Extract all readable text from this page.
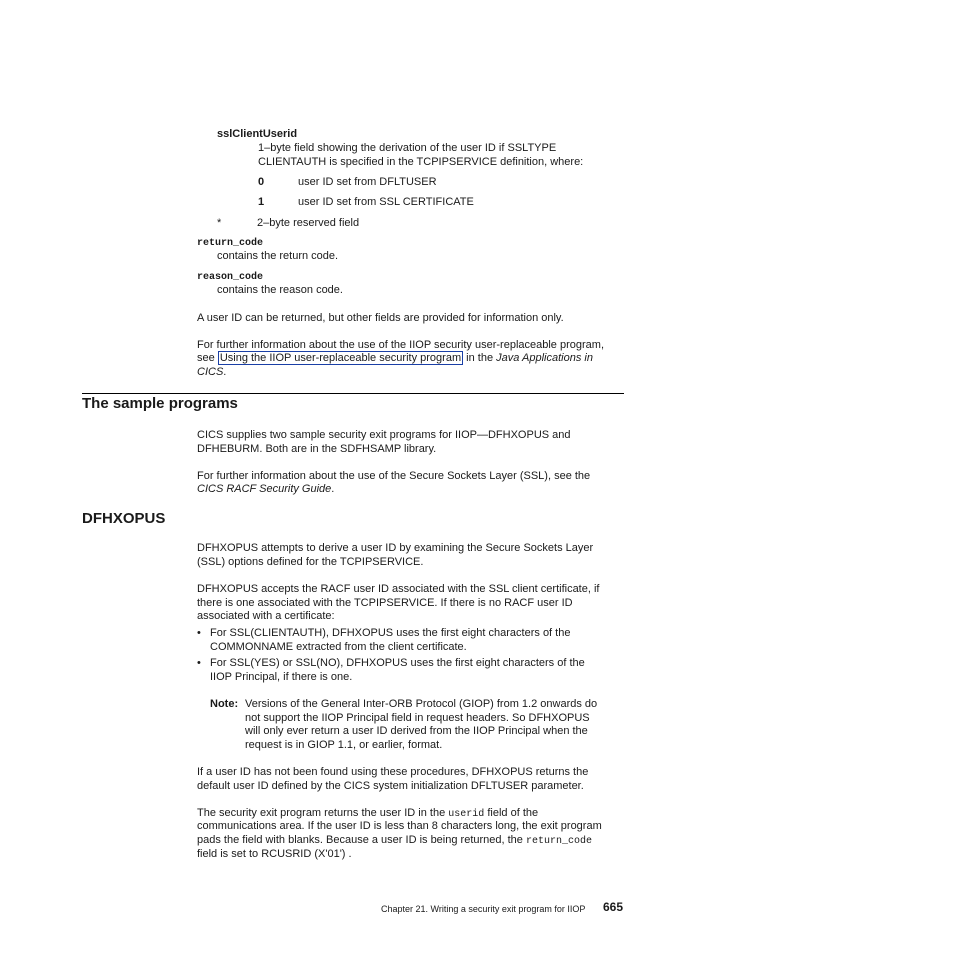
sslClientUserid
1–byte field showing the derivation of the user ID if SSLTYPE
CLIENTAUTH is specified in the TCPIPSERVICE definition, where:
0	user ID set from DFLTUSER
1	user ID set from SSL CERTIFICATE
*	2–byte reserved field
return_code
contains the return code.
reason_code
contains the reason code.
A user ID can be returned, but other fields are provided for information only.
For further information about the use of the IIOP security user-replaceable program,
see Using the IIOP user-replaceable security program in the Java Applications in
CICS.
The sample programs
CICS supplies two sample security exit programs for IIOP—DFHXOPUS and
DFHEBURM. Both are in the SDFHSAMP library.
For further information about the use of the Secure Sockets Layer (SSL), see the
CICS RACF Security Guide.
DFHXOPUS
DFHXOPUS attempts to derive a user ID by examining the Secure Sockets Layer
(SSL) options defined for the TCPIPSERVICE.
DFHXOPUS accepts the RACF user ID associated with the SSL client certificate, if
there is one associated with the TCPIPSERVICE. If there is no RACF user ID
associated with a certificate:
• For SSL(CLIENTAUTH), DFHXOPUS uses the first eight characters of the
COMMONNAME extracted from the client certificate.
• For SSL(YES) or SSL(NO), DFHXOPUS uses the first eight characters of the
IIOP Principal, if there is one.
Note: Versions of the General Inter-ORB Protocol (GIOP) from 1.2 onwards do
not support the IIOP Principal field in request headers. So DFHXOPUS
will only ever return a user ID derived from the IIOP Principal when the
request is in GIOP 1.1, or earlier, format.
If a user ID has not been found using these procedures, DFHXOPUS returns the
default user ID defined by the CICS system initialization DFLTUSER parameter.
The security exit program returns the user ID in the userid field of the
communications area. If the user ID is less than 8 characters long, the exit program
pads the field with blanks. Because a user ID is being returned, the return_code
field is set to RCUSRID (X'01') .
Chapter 21. Writing a security exit program for IIOP 665
